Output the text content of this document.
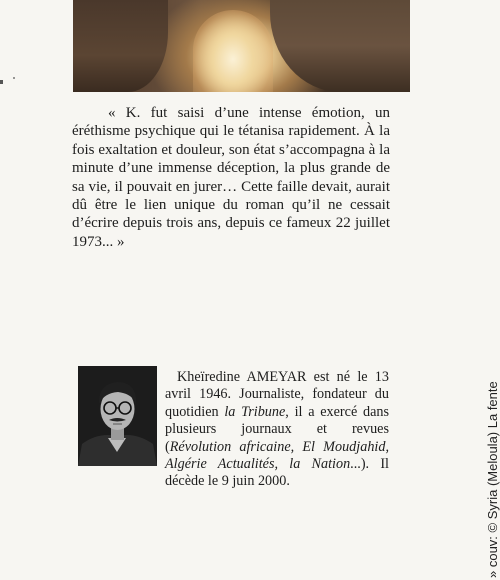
« K. fut saisi d’une intense émotion, un éréthisme psychique qui le tétanisa rapidement. À la fois exaltation et douleur, son état s’accompagna à la minute d’une immense déception, la plus grande de sa vie, il pouvait en jurer… Cette faille devait, aurait dû être le lien unique du roman qu’il ne cessait d’écrire depuis trois ans, depuis ce fameux 22 juillet 1973... »

Kheïredine AMEYAR est né le 13 avril 1946. Journaliste, fondateur du quotidien la Tribune, il a exercé dans plusieurs journaux et revues (Révolution africaine, El Moudjahid, Algérie Actualités, la Nation...). Il décède le 9 juin 2000.	» couv: © Syria (Meloula) La fente
